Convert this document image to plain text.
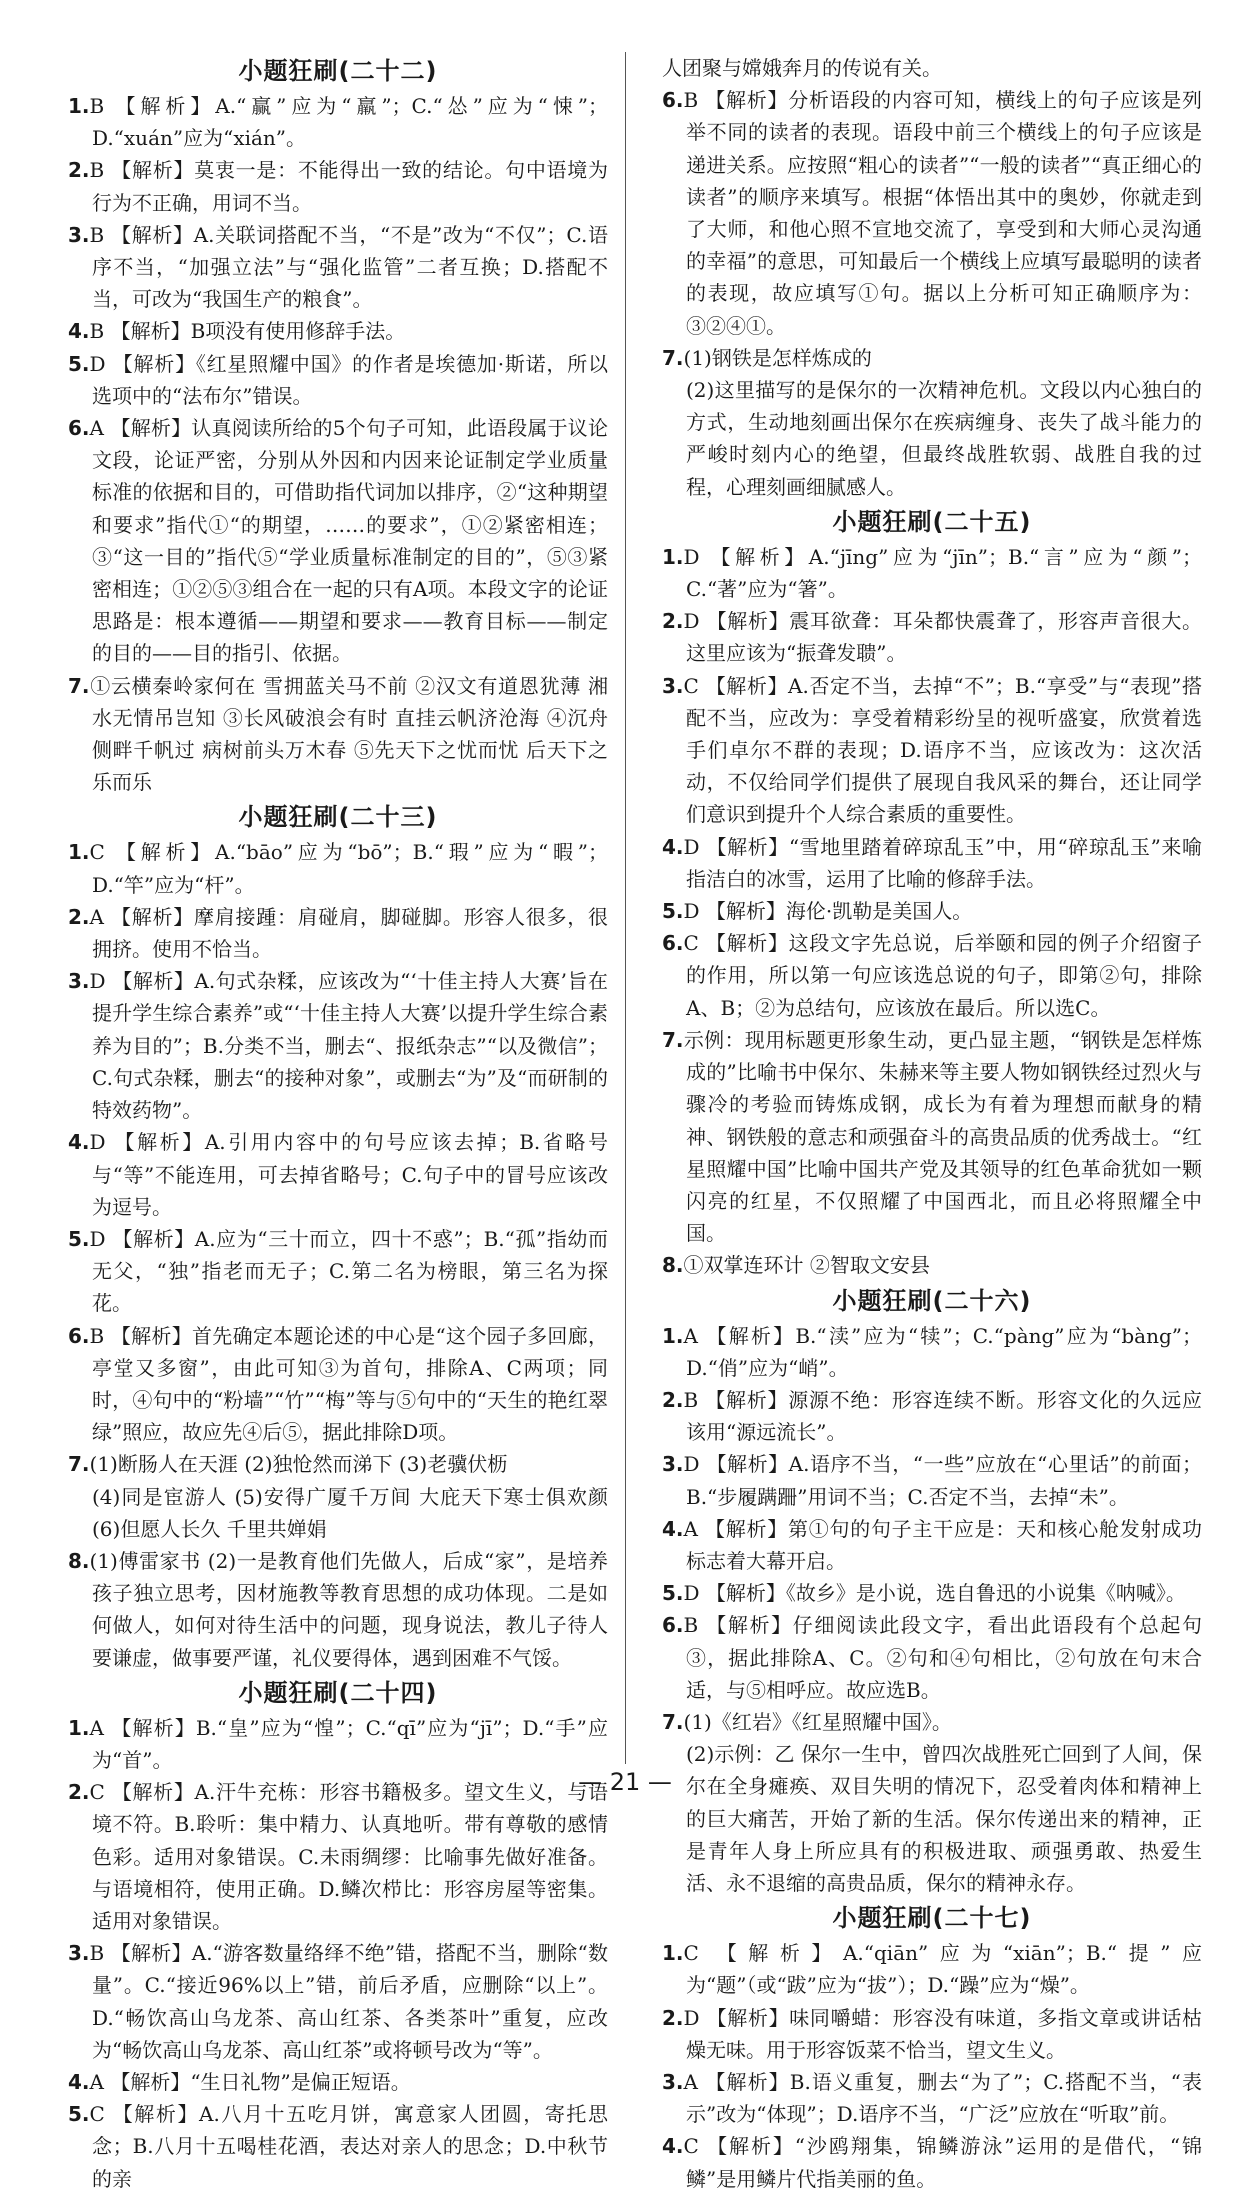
小题狂刷(二十二)

1.B 【解析】A.“赢”应为“羸”；C.“怂”应为“悚”；D.“xuán”应为“xián”。

2.B 【解析】莫衷一是：不能得出一致的结论。句中语境为行为不正确，用词不当。

3.B 【解析】A.关联词搭配不当，“不是”改为“不仅”；C.语序不当，“加强立法”与“强化监管”二者互换；D.搭配不当，可改为“我国生产的粮食”。

4.B 【解析】B项没有使用修辞手法。

5.D 【解析】《红星照耀中国》的作者是埃德加·斯诺，所以选项中的“法布尔”错误。

6.A 【解析】认真阅读所给的5个句子可知，此语段属于议论文段，论证严密，分别从外因和内因来论证制定学业质量标准的依据和目的，可借助指代词加以排序，②“这种期望和要求”指代①“的期望，……的要求”，①②紧密相连；③“这一目的”指代⑤“学业质量标准制定的目的”，⑤③紧密相连；①②⑤③组合在一起的只有A项。本段文字的论证思路是：根本遵循——期望和要求——教育目标——制定的目的——目的指引、依据。

7.①云横秦岭家何在 雪拥蓝关马不前 ②汉文有道恩犹薄 湘水无情吊岂知 ③长风破浪会有时 直挂云帆济沧海 ④沉舟侧畔千帆过 病树前头万木春 ⑤先天下之忧而忧 后天下之乐而乐

小题狂刷(二十三)

1.C 【解析】A.“bāo”应为“bō”；B.“瑕”应为“暇”；D.“竿”应为“杆”。

2.A 【解析】摩肩接踵：肩碰肩，脚碰脚。形容人很多，很拥挤。使用不恰当。

3.D 【解析】A.句式杂糅，应该改为“‘十佳主持人大赛’旨在提升学生综合素养”或“‘十佳主持人大赛’以提升学生综合素养为目的”；B.分类不当，删去“、报纸杂志”“以及微信”；C.句式杂糅，删去“的接种对象”，或删去“为”及“而研制的特效药物”。

4.D 【解析】A.引用内容中的句号应该去掉；B.省略号与“等”不能连用，可去掉省略号；C.句子中的冒号应该改为逗号。

5.D 【解析】A.应为“三十而立，四十不惑”；B.“孤”指幼而无父，“独”指老而无子；C.第二名为榜眼，第三名为探花。

6.B 【解析】首先确定本题论述的中心是“这个园子多回廊，亭堂又多窗”，由此可知③为首句，排除A、C两项；同时，④句中的“粉墙”“竹”“梅”等与⑤句中的“天生的艳红翠绿”照应，故应先④后⑤，据此排除D项。

7.(1)断肠人在天涯 (2)独怆然而涕下 (3)老骥伏枥

(4)同是宦游人 (5)安得广厦千万间 大庇天下寒士俱欢颜 (6)但愿人长久 千里共婵娟

8.(1)傅雷家书 (2)一是教育他们先做人，后成“家”，是培养孩子独立思考，因材施教等教育思想的成功体现。二是如何做人，如何对待生活中的问题，现身说法，教儿子待人要谦虚，做事要严谨，礼仪要得体，遇到困难不气馁。

小题狂刷(二十四)

1.A 【解析】B.“皇”应为“惶”；C.“qī”应为“jī”；D.“手”应为“首”。

2.C 【解析】A.汗牛充栋：形容书籍极多。望文生义，与语境不符。B.聆听：集中精力、认真地听。带有尊敬的感情色彩。适用对象错误。C.未雨绸缪：比喻事先做好准备。与语境相符，使用正确。D.鳞次栉比：形容房屋等密集。适用对象错误。

3.B 【解析】A.“游客数量络绎不绝”错，搭配不当，删除“数量”。C.“接近96%以上”错，前后矛盾，应删除“以上”。D.“畅饮高山乌龙茶、高山红茶、各类茶叶”重复，应改为“畅饮高山乌龙茶、高山红茶”或将顿号改为“等”。

4.A 【解析】“生日礼物”是偏正短语。

5.C 【解析】A.八月十五吃月饼，寓意家人团圆，寄托思念；B.八月十五喝桂花酒，表达对亲人的思念；D.中秋节的亲

人团聚与嫦娥奔月的传说有关。

6.B 【解析】分析语段的内容可知，横线上的句子应该是列举不同的读者的表现。语段中前三个横线上的句子应该是递进关系。应按照“粗心的读者”“一般的读者”“真正细心的读者”的顺序来填写。根据“体悟出其中的奥妙，你就走到了大师，和他心照不宣地交流了，享受到和大师心灵沟通的幸福”的意思，可知最后一个横线上应填写最聪明的读者的表现，故应填写①句。据以上分析可知正确顺序为：③②④①。

7.(1)钢铁是怎样炼成的

(2)这里描写的是保尔的一次精神危机。文段以内心独白的方式，生动地刻画出保尔在疾病缠身、丧失了战斗能力的严峻时刻内心的绝望，但最终战胜软弱、战胜自我的过程，心理刻画细腻感人。

小题狂刷(二十五)

1.D 【解析】A.“jīng”应为“jīn”；B.“言”应为“颜”；C.“著”应为“箸”。

2.D 【解析】震耳欲聋：耳朵都快震聋了，形容声音很大。这里应该为“振聋发聩”。

3.C 【解析】A.否定不当，去掉“不”；B.“享受”与“表现”搭配不当，应改为：享受着精彩纷呈的视听盛宴，欣赏着选手们卓尔不群的表现；D.语序不当，应该改为：这次活动，不仅给同学们提供了展现自我风采的舞台，还让同学们意识到提升个人综合素质的重要性。

4.D 【解析】“雪地里踏着碎琼乱玉”中，用“碎琼乱玉”来喻指洁白的冰雪，运用了比喻的修辞手法。

5.D 【解析】海伦·凯勒是美国人。

6.C 【解析】这段文字先总说，后举颐和园的例子介绍窗子的作用，所以第一句应该选总说的句子，即第②句，排除A、B；②为总结句，应该放在最后。所以选C。

7.示例：现用标题更形象生动，更凸显主题，“钢铁是怎样炼成的”比喻书中保尔、朱赫来等主要人物如钢铁经过烈火与骤冷的考验而铸炼成钢，成长为有着为理想而献身的精神、钢铁般的意志和顽强奋斗的高贵品质的优秀战士。“红星照耀中国”比喻中国共产党及其领导的红色革命犹如一颗闪亮的红星，不仅照耀了中国西北，而且必将照耀全中国。

8.①双掌连环计 ②智取文安县

小题狂刷(二十六)

1.A 【解析】B.“渎”应为“犊”；C.“pàng”应为“bàng”；D.“俏”应为“峭”。

2.B 【解析】源源不绝：形容连续不断。形容文化的久远应该用“源远流长”。

3.D 【解析】A.语序不当，“一些”应放在“心里话”的前面；B.“步履蹒跚”用词不当；C.否定不当，去掉“未”。

4.A 【解析】第①句的句子主干应是：天和核心舱发射成功标志着大幕开启。

5.D 【解析】《故乡》是小说，选自鲁迅的小说集《呐喊》。

6.B 【解析】仔细阅读此段文字，看出此语段有个总起句③，据此排除A、C。②句和④句相比，②句放在句末合适，与⑤相呼应。故应选B。

7.(1)《红岩》《红星照耀中国》。

(2)示例：乙 保尔一生中，曾四次战胜死亡回到了人间，保尔在全身瘫痪、双目失明的情况下，忍受着肉体和精神上的巨大痛苦，开始了新的生活。保尔传递出来的精神，正是青年人身上所应具有的积极进取、顽强勇敢、热爱生活、永不退缩的高贵品质，保尔的精神永存。

小题狂刷(二十七)

1.C 【解析】A.“qiān”应为“xiān”；B.“提”应为“题”（或“跋”应为“拔”）；D.“躁”应为“燥”。

2.D 【解析】味同嚼蜡：形容没有味道，多指文章或讲话枯燥无味。用于形容饭菜不恰当，望文生义。

3.A 【解析】B.语义重复，删去“为了”；C.搭配不当，“表示”改为“体现”；D.语序不当，“广泛”应放在“听取”前。

4.C 【解析】“沙鸥翔集，锦鳞游泳”运用的是借代，“锦鳞”是用鳞片代指美丽的鱼。

— 21 —
